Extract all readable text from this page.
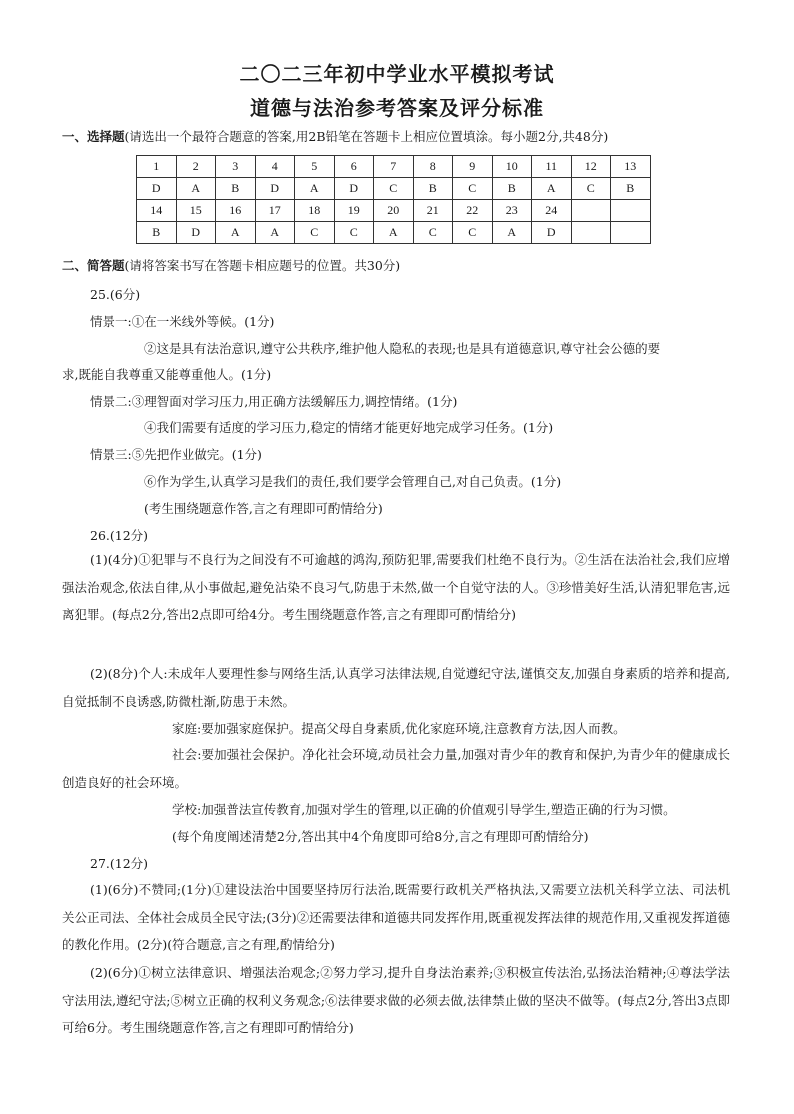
二〇二三年初中学业水平模拟考试
道德与法治参考答案及评分标准
一、选择题(请选出一个最符合题意的答案,用2B铅笔在答题卡上相应位置填涂。每小题2分,共48分)
1	2	3	4	5	6	7	8	9	10	11	12	13
D	A	B	D	A	D	C	B	C	B	A	C	B
14	15	16	17	18	19	20	21	22	23	24		
B	D	A	A	C	C	A	C	C	A	D		
二、简答题(请将答案书写在答题卡相应题号的位置。共30分)
25.(6分)
情景一:①在一米线外等候。(1分)
②这是具有法治意识,遵守公共秩序,维护他人隐私的表现;也是具有道德意识,尊守社会公德的要
求,既能自我尊重又能尊重他人。(1分)
情景二:③理智面对学习压力,用正确方法缓解压力,调控情绪。(1分)
④我们需要有适度的学习压力,稳定的情绪才能更好地完成学习任务。(1分)
情景三:⑤先把作业做完。(1分)
⑥作为学生,认真学习是我们的责任,我们要学会管理自己,对自己负责。(1分)
(考生围绕题意作答,言之有理即可酌情给分)
26.(12分)
(1)(4分)①犯罪与不良行为之间没有不可逾越的鸿沟,预防犯罪,需要我们杜绝不良行为。②生活在法治社会,我们应增强法治观念,依法自律,从小事做起,避免沾染不良习气,防患于未然,做一个自觉守法的人。③珍惜美好生活,认清犯罪危害,远离犯罪。(每点2分,答出2点即可给4分。考生围绕题意作答,言之有理即可酌情给分)
(2)(8分)个人:未成年人要理性参与网络生活,认真学习法律法规,自觉遵纪守法,谨慎交友,加强自身素质的培养和提高,自觉抵制不良诱惑,防微杜渐,防患于未然。
家庭:要加强家庭保护。提高父母自身素质,优化家庭环境,注意教育方法,因人而教。
社会:要加强社会保护。净化社会环境,动员社会力量,加强对青少年的教育和保护,为青少年的健康成长创造良好的社会环境。
学校:加强普法宣传教育,加强对学生的管理,以正确的价值观引导学生,塑造正确的行为习惯。
(每个角度阐述清楚2分,答出其中4个角度即可给8分,言之有理即可酌情给分)
27.(12分)
(1)(6分)不赞同;(1分)①建设法治中国要坚持厉行法治,既需要行政机关严格执法,又需要立法机关科学立法、司法机关公正司法、全体社会成员全民守法;(3分)②还需要法律和道德共同发挥作用,既重视发挥法律的规范作用,又重视发挥道德的教化作用。(2分)(符合题意,言之有理,酌情给分)
(2)(6分)①树立法律意识、增强法治观念;②努力学习,提升自身法治素养;③积极宣传法治,弘扬法治精神;④尊法学法守法用法,遵纪守法;⑤树立正确的权利义务观念;⑥法律要求做的必须去做,法律禁止做的坚决不做等。(每点2分,答出3点即可给6分。考生围绕题意作答,言之有理即可酌情给分)
